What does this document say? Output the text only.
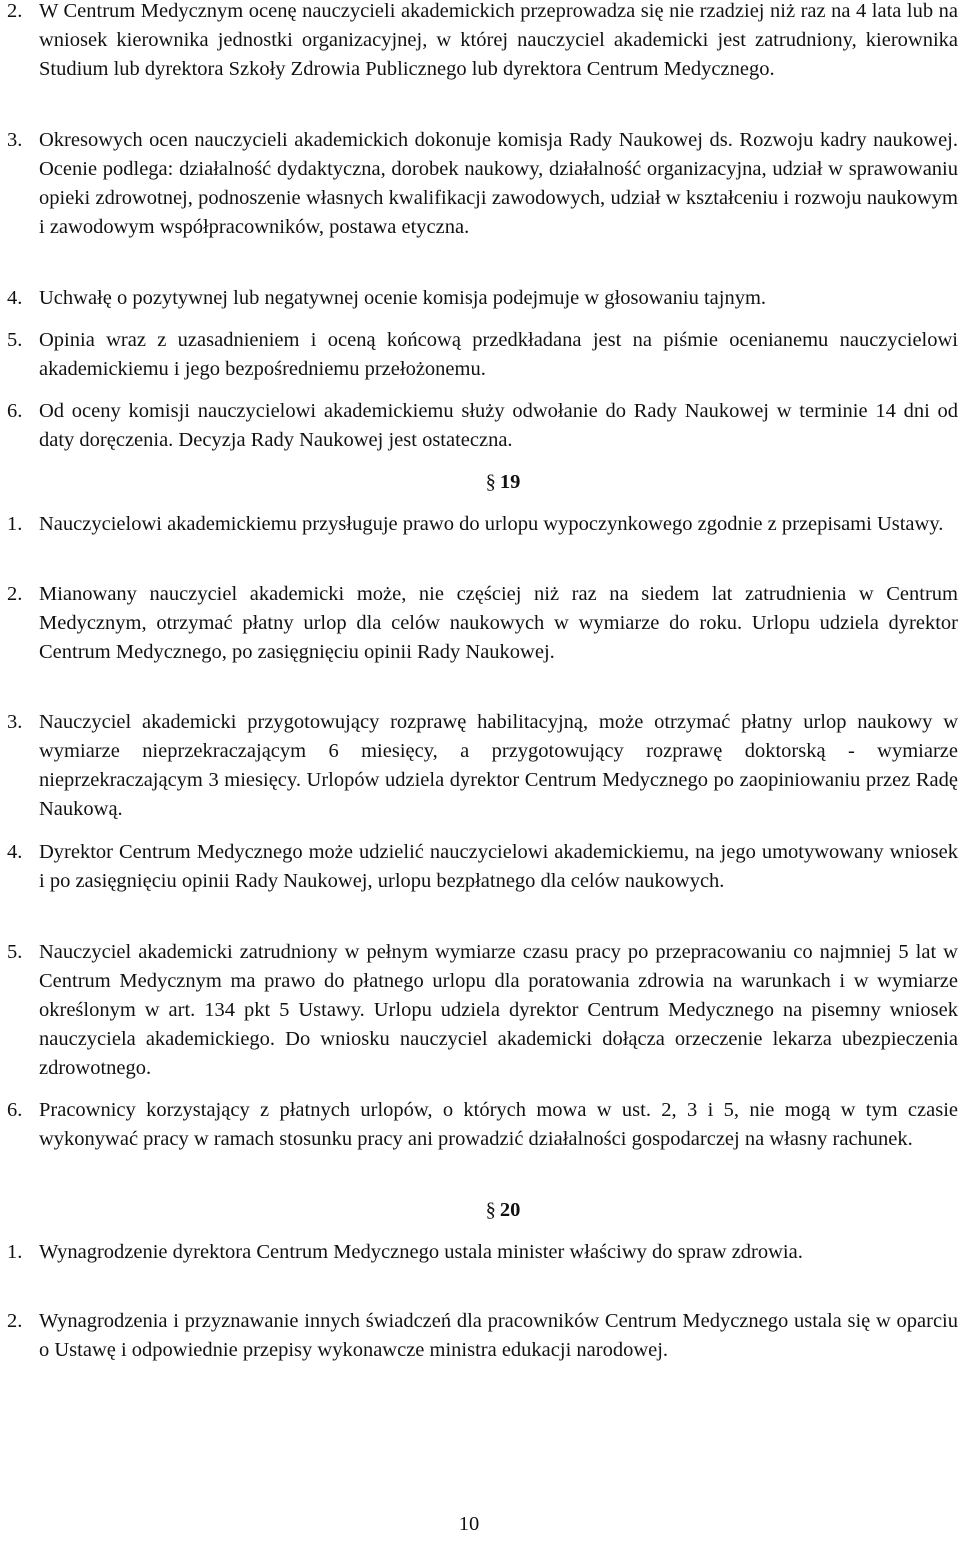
2. W Centrum Medycznym ocenę nauczycieli akademickich przeprowadza się nie rzadziej niż raz na 4 lata lub na wniosek kierownika jednostki organizacyjnej, w której nauczyciel akademicki jest zatrudniony, kierownika Studium lub dyrektora Szkoły Zdrowia Publicznego lub dyrektora Centrum Medycznego.
3. Okresowych ocen nauczycieli akademickich dokonuje komisja Rady Naukowej ds. Rozwoju kadry naukowej. Ocenie podlega: działalność dydaktyczna, dorobek naukowy, działalność organizacyjna, udział w sprawowaniu opieki zdrowotnej, podnoszenie własnych kwalifikacji zawodowych, udział w kształceniu i rozwoju naukowym i zawodowym współpracowników, postawa etyczna.
4. Uchwałę o pozytywnej lub negatywnej ocenie komisja podejmuje w głosowaniu tajnym.
5. Opinia wraz z uzasadnieniem i oceną końcową przedkładana jest na piśmie ocenianemu nauczycielowi akademickiemu i jego bezpośredniemu przełożonemu.
6. Od oceny komisji nauczycielowi akademickiemu służy odwołanie do Rady Naukowej w terminie 14 dni od daty doręczenia. Decyzja Rady Naukowej jest ostateczna.
§ 19
1. Nauczycielowi akademickiemu przysługuje prawo do urlopu wypoczynkowego zgodnie z przepisami Ustawy.
2. Mianowany nauczyciel akademicki może, nie częściej niż raz na siedem lat zatrudnienia w Centrum Medycznym, otrzymać płatny urlop dla celów naukowych w wymiarze do roku. Urlopu udziela dyrektor Centrum Medycznego, po zasięgnięciu opinii Rady Naukowej.
3. Nauczyciel akademicki przygotowujący rozprawę habilitacyjną, może otrzymać płatny urlop naukowy w wymiarze nieprzekraczającym 6 miesięcy, a przygotowujący rozprawę doktorską - wymiarze nieprzekraczającym 3 miesięcy. Urlopów udziela dyrektor Centrum Medycznego po zaopiniowaniu przez Radę Naukową.
4. Dyrektor Centrum Medycznego może udzielić nauczycielowi akademickiemu, na jego umotywowany wniosek i po zasięgnięciu opinii Rady Naukowej, urlopu bezpłatnego dla celów naukowych.
5. Nauczyciel akademicki zatrudniony w pełnym wymiarze czasu pracy po przepracowaniu co najmniej 5 lat w Centrum Medycznym ma prawo do płatnego urlopu dla poratowania zdrowia na warunkach i w wymiarze określonym w art. 134 pkt 5 Ustawy. Urlopu udziela dyrektor Centrum Medycznego na pisemny wniosek nauczyciela akademickiego. Do wniosku nauczyciel akademicki dołącza orzeczenie lekarza ubezpieczenia zdrowotnego.
6. Pracownicy korzystający z płatnych urlopów, o których mowa w ust. 2, 3 i 5, nie mogą w tym czasie wykonywać pracy w ramach stosunku pracy ani prowadzić działalności gospodarczej na własny rachunek.
§ 20
1. Wynagrodzenie dyrektora Centrum Medycznego ustala minister właściwy do spraw zdrowia.
2. Wynagrodzenia i przyznawanie innych świadczeń dla pracowników Centrum Medycznego ustala się w oparciu o Ustawę i odpowiednie przepisy wykonawcze ministra edukacji narodowej.
10
